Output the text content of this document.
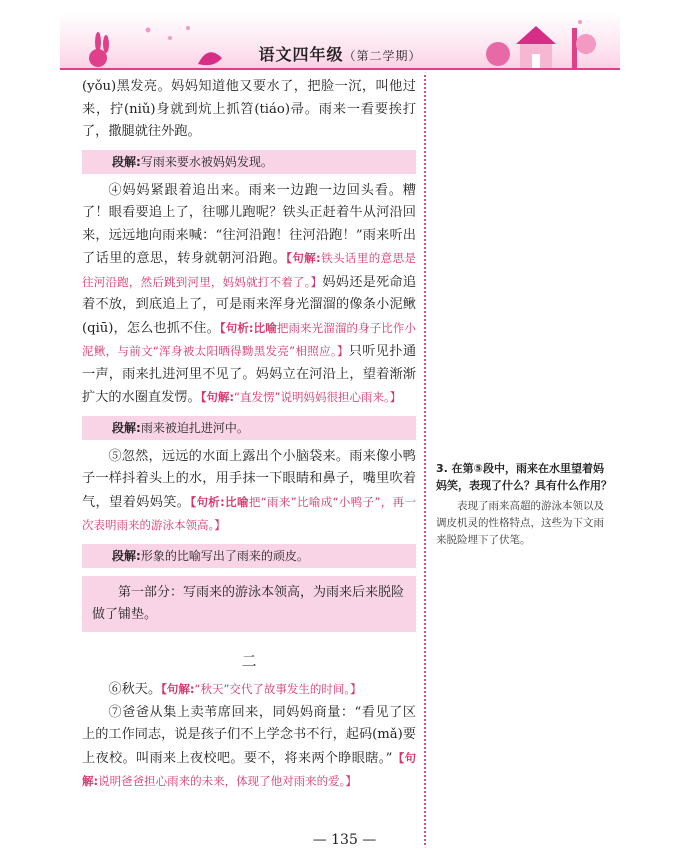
语文四年级（第二学期）

(yǒu)黑发亮。妈妈知道他又要水了，把脸一沉，叫他过来，拧(niǔ)身就到炕上抓笤(tiáo)帚。雨来一看要挨打了，撒腿就往外跑。

段解:写雨来要水被妈妈发现。

④妈妈紧跟着追出来。雨来一边跑一边回头看。糟了！眼看要追上了，往哪儿跑呢？铁头正赶着牛从河沿回来，远远地向雨来喊：“往河沿跑！往河沿跑！”雨来听出了话里的意思，转身就朝河沿跑。【句解:铁头话里的意思是往河沿跑，然后跳到河里，妈妈就打不着了。】妈妈还是死命追着不放，到底追上了，可是雨来浑身光溜溜的像条小泥鳅(qiū)，怎么也抓不住。【句析:比喻把雨来光溜溜的身子比作小泥鳅，与前文“浑身被太阳晒得黝黑发亮”相照应。】只听见扑通一声，雨来扎进河里不见了。妈妈立在河沿上，望着渐渐扩大的水圈直发愣。【句解:“直发愣”说明妈妈很担心雨来。】

段解:雨来被迫扎进河中。

⑤忽然，远远的水面上露出个小脑袋来。雨来像小鸭子一样抖着头上的水，用手抹一下眼睛和鼻子，嘴里吹着气，望着妈妈笑。【句析:比喻把“雨来”比喻成“小鸭子”，再一次表明雨来的游泳本领高。】

段解:形象的比喻写出了雨来的顽皮。
第一部分：写雨来的游泳本领高，为雨来后来脱险做了铺垫。
二

⑥秋天。【句解:“秋天”交代了故事发生的时间。】

⑦爸爸从集上卖苇席回来，同妈妈商量：“看见了区上的工作同志，说是孩子们不上学念书不行，起码(mǎ)要上夜校。叫雨来上夜校吧。要不，将来两个睁眼瞎。”【句解:说明爸爸担心雨来的未来，体现了他对雨来的爱。】

3. 在第⑤段中，雨来在水里望着妈妈笑，表现了什么？具有什么作用？

表现了雨来高超的游泳本领以及调皮机灵的性格特点，这些为下文雨来脱险埋下了伏笔。

— 135 —
